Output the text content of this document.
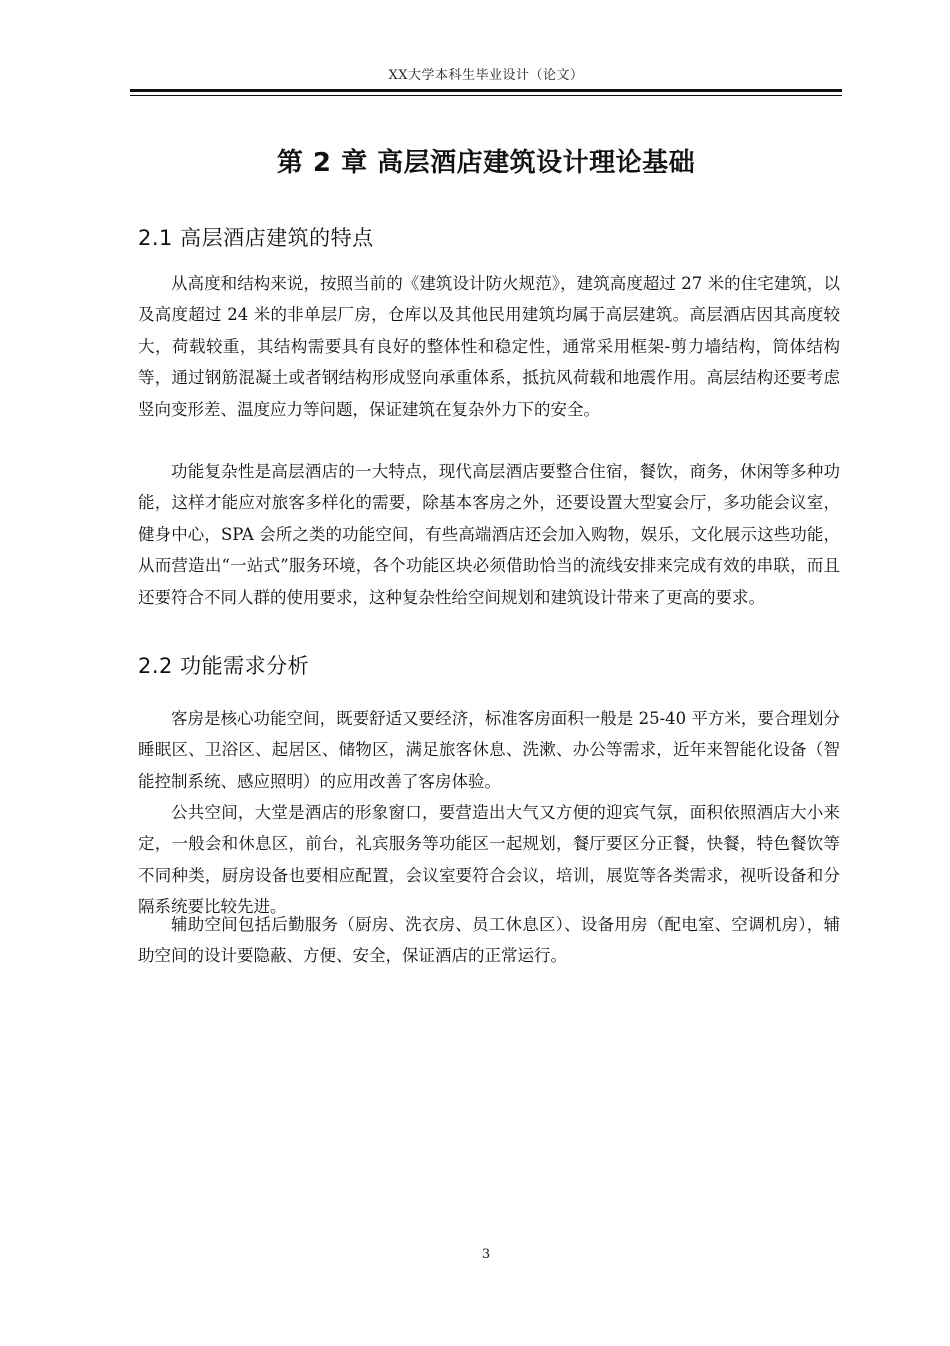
XX大学本科生毕业设计（论文）
第 2 章 高层酒店建筑设计理论基础
2.1 高层酒店建筑的特点

从高度和结构来说，按照当前的《建筑设计防火规范》，建筑高度超过 27 米的住宅建筑，以及高度超过 24 米的非单层厂房，仓库以及其他民用建筑均属于高层建筑。高层酒店因其高度较大，荷载较重，其结构需要具有良好的整体性和稳定性，通常采用框架-剪力墙结构，筒体结构等，通过钢筋混凝土或者钢结构形成竖向承重体系，抵抗风荷载和地震作用。高层结构还要考虑竖向变形差、温度应力等问题，保证建筑在复杂外力下的安全。

功能复杂性是高层酒店的一大特点，现代高层酒店要整合住宿，餐饮，商务，休闲等多种功能，这样才能应对旅客多样化的需要，除基本客房之外，还要设置大型宴会厅，多功能会议室，健身中心，SPA 会所之类的功能空间，有些高端酒店还会加入购物，娱乐，文化展示这些功能，从而营造出“一站式”服务环境，各个功能区块必须借助恰当的流线安排来完成有效的串联，而且还要符合不同人群的使用要求，这种复杂性给空间规划和建筑设计带来了更高的要求。

2.2 功能需求分析

客房是核心功能空间，既要舒适又要经济，标准客房面积一般是 25-40 平方米，要合理划分睡眠区、卫浴区、起居区、储物区，满足旅客休息、洗漱、办公等需求，近年来智能化设备（智能控制系统、感应照明）的应用改善了客房体验。

公共空间，大堂是酒店的形象窗口，要营造出大气又方便的迎宾气氛，面积依照酒店大小来定，一般会和休息区，前台，礼宾服务等功能区一起规划，餐厅要区分正餐，快餐，特色餐饮等不同种类，厨房设备也要相应配置，会议室要符合会议，培训，展览等各类需求，视听设备和分隔系统要比较先进。

辅助空间包括后勤服务（厨房、洗衣房、员工休息区）、设备用房（配电室、空调机房），辅助空间的设计要隐蔽、方便、安全，保证酒店的正常运行。

3
